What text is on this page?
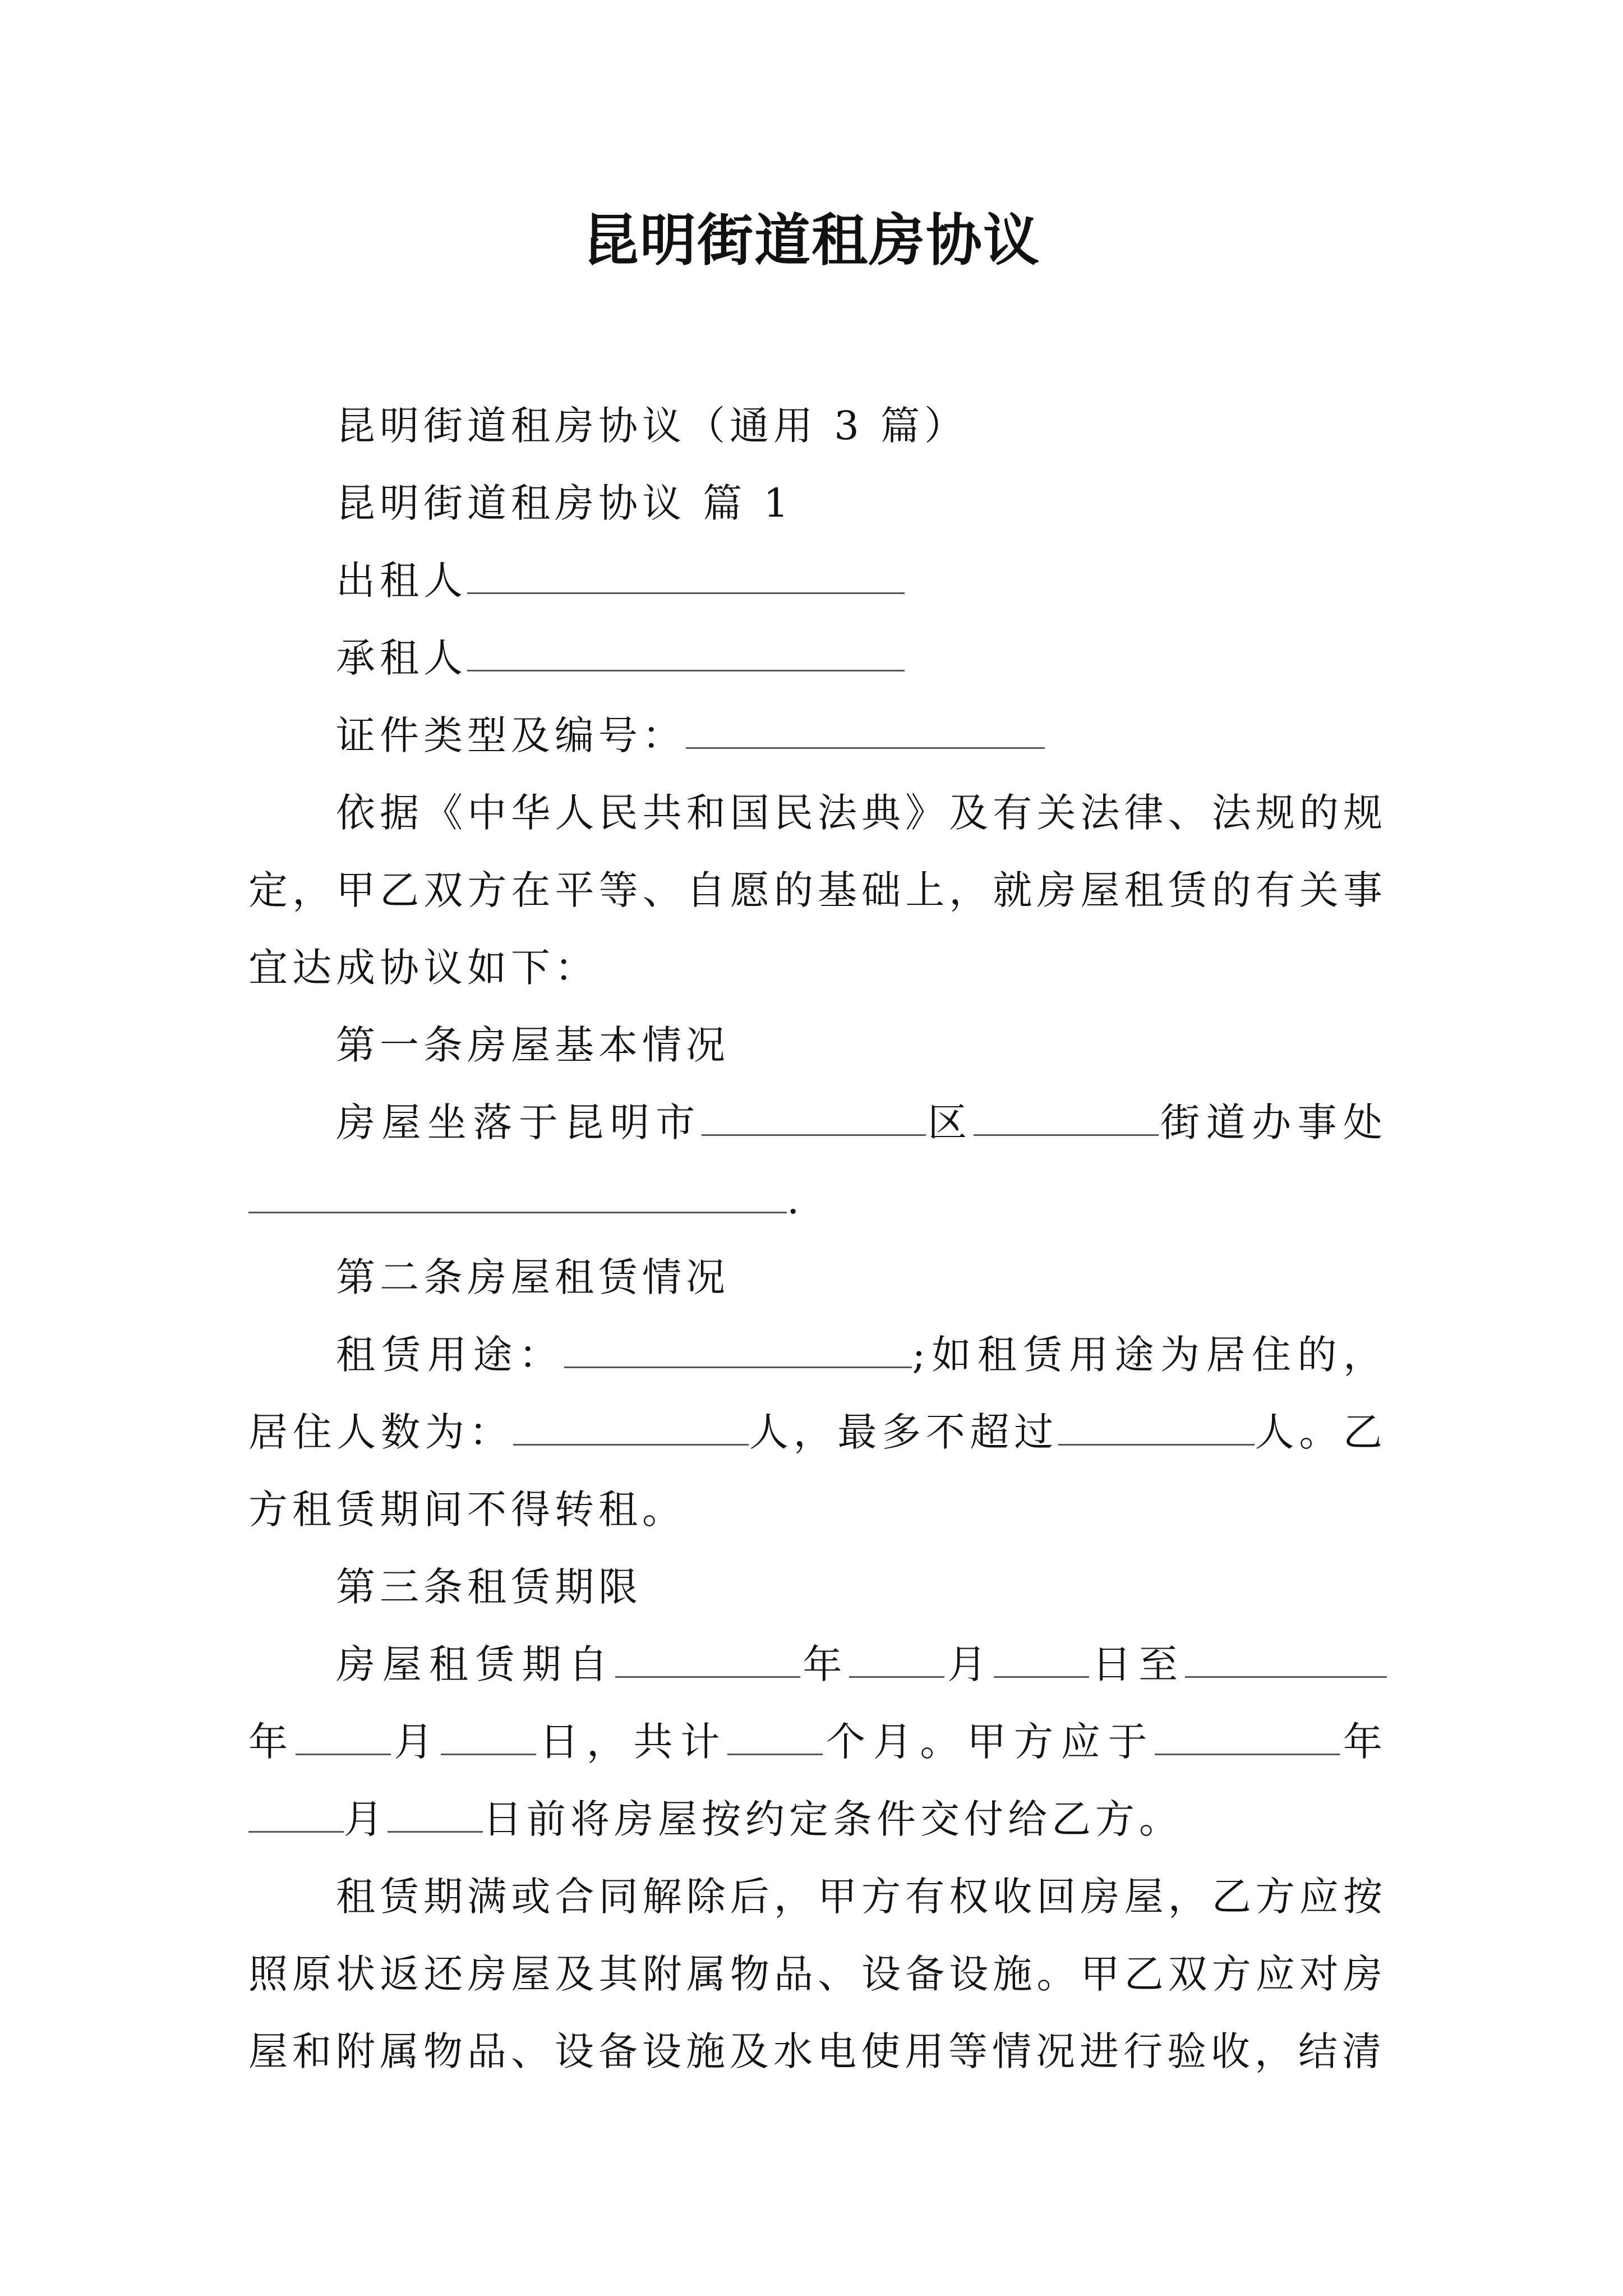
昆明街道租房协议

昆明街道租房协议（通用 3 篇）

昆明街道租房协议 篇 1

出租人

承租人

证件类型及编号：

依据《中华人民共和国民法典》及有关法律、法规的规定，甲乙双方在平等、自愿的基础上，就房屋租赁的有关事宜达成协议如下：

第一条房屋基本情况

房屋坐落于昆明市	区	街道办事处.

第二条房屋租赁情况

租赁用途：	;如租赁用途为居住的，居住人数为：	人，最多不超过	人。乙方租赁期间不得转租。

第三条租赁期限

房屋租赁期自	年 月 日至年 月 日，共计 个月。甲方应于	年月 日前将房屋按约定条件交付给乙方。

租赁期满或合同解除后，甲方有权收回房屋，乙方应按照原状返还房屋及其附属物品、设备设施。甲乙双方应对房屋和附属物品、设备设施及水电使用等情况进行验收，结清
